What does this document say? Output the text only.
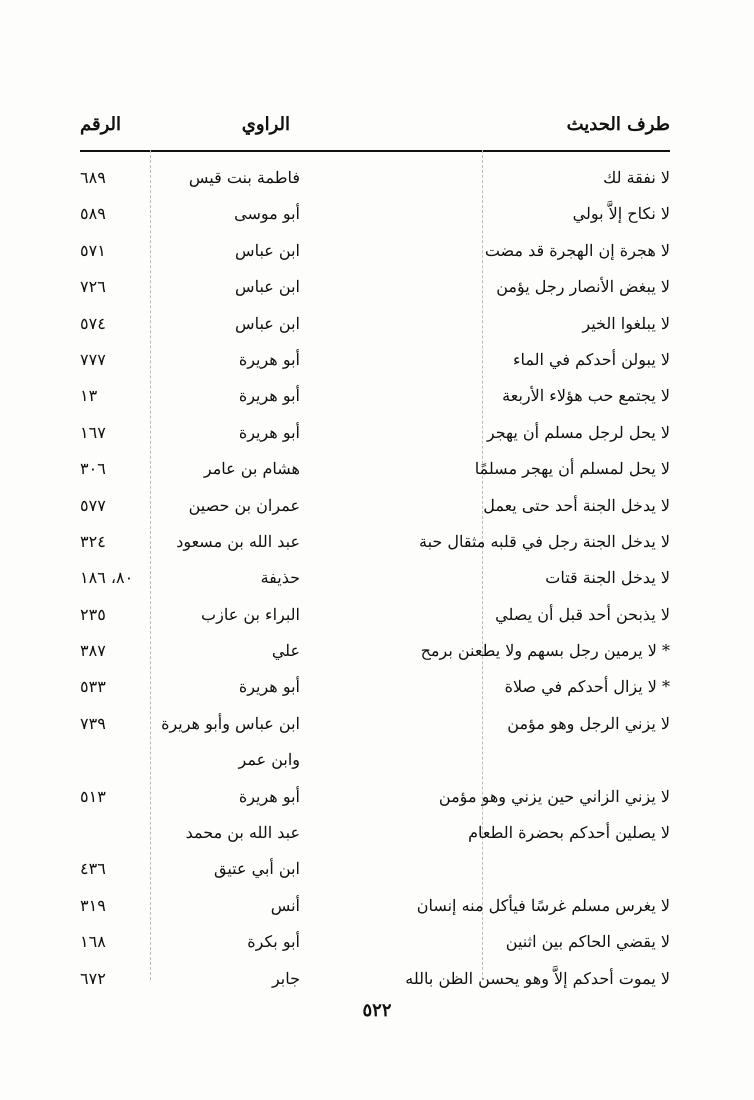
طرف الحديث
الراوي
الرقم
لا نفقة لك
فاطمة بنت قيس
٦٨٩
لا نكاح إلاَّ بولي
أبو موسى
٥٨٩
لا هجرة إن الهجرة قد مضت
ابن عباس
٥٧١
لا يبغض الأنصار رجل يؤمن
ابن عباس
٧٢٦
لا يبلغوا الخير
ابن عباس
٥٧٤
لا يبولن أحدكم في الماء
أبو هريرة
٧٧٧
لا يجتمع حب هؤلاء الأربعة
أبو هريرة
١٣
لا يحل لرجل مسلم أن يهجر
أبو هريرة
١٦٧
لا يحل لمسلم أن يهجر مسلمًا
هشام بن عامر
٣٠٦
لا يدخل الجنة أحد حتى يعمل
عمران بن حصين
٥٧٧
لا يدخل الجنة رجل في قلبه مثقال حبة
عبد الله بن مسعود
٣٢٤
لا يدخل الجنة قتات
حذيفة
٨٠، ١٨٦
لا يذبحن أحد قبل أن يصلي
البراء بن عازب
٢٣٥
* لا يرمين رجل بسهم ولا يطعنن برمح
علي
٣٨٧
* لا يزال أحدكم في صلاة
أبو هريرة
٥٣٣
لا يزني الرجل وهو مؤمن
ابن عباس وأبو هريرة
٧٣٩
وابن عمر
لا يزني الزاني حين يزني وهو مؤمن
أبو هريرة
٥١٣
لا يصلين أحدكم بحضرة الطعام
عبد الله بن محمد
ابن أبي عتيق
٤٣٦
لا يغرس مسلم غرسًا فيأكل منه إنسان
أنس
٣١٩
لا يقضي الحاكم بين اثنين
أبو بكرة
١٦٨
لا يموت أحدكم إلاَّ وهو يحسن الظن بالله
جابر
٦٧٢
٥٢٢
